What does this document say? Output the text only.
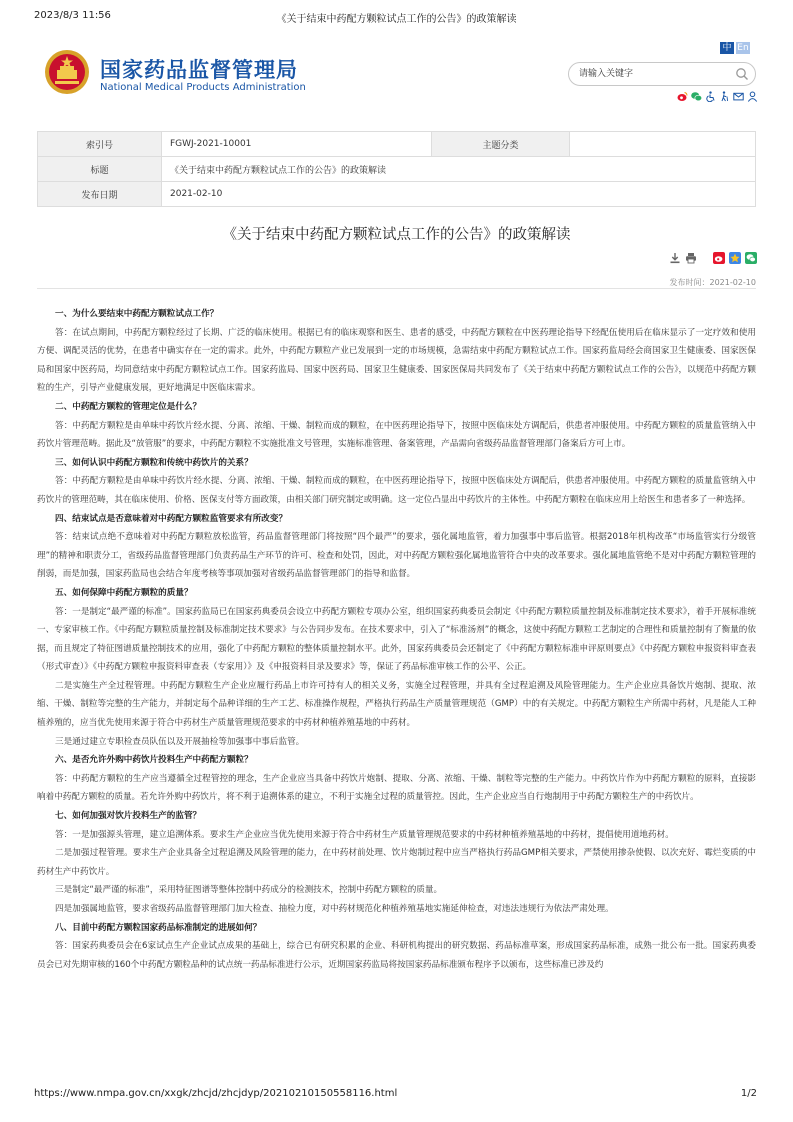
2023/8/3 11:56	《关于结束中药配方颗粒试点工作的公告》的政策解读
国家药品监督管理局
National Medical Products Administration
中 En
请输入关键字
索引号	FGWJ-2021-10001	主题分类	
标题	《关于结束中药配方颗粒试点工作的公告》的政策解读		
发布日期	2021-02-10		
《关于结束中药配方颗粒试点工作的公告》的政策解读
发布时间：2021-02-10

一、为什么要结束中药配方颗粒试点工作？

答：在试点期间，中药配方颗粒经过了长期、广泛的临床使用。根据已有的临床观察和医生、患者的感受，中药配方颗粒在中医药理论指导下经配伍使用后在临床显示了一定疗效和使用方便、调配灵活的优势，在患者中确实存在一定的需求。此外，中药配方颗粒产业已发展到一定的市场规模，急需结束中药配方颗粒试点工作。国家药监局经会商国家卫生健康委、国家医保局和国家中医药局，均同意结束中药配方颗粒试点工作。国家药监局、国家中医药局、国家卫生健康委、国家医保局共同发布了《关于结束中药配方颗粒试点工作的公告》，以规范中药配方颗粒的生产，引导产业健康发展，更好地满足中医临床需求。

二、中药配方颗粒的管理定位是什么？

答：中药配方颗粒是由单味中药饮片经水提、分离、浓缩、干燥、制粒而成的颗粒，在中医药理论指导下，按照中医临床处方调配后，供患者冲服使用。中药配方颗粒的质量监管纳入中药饮片管理范畴。据此及“放管服”的要求，中药配方颗粒不实施批准文号管理，实施标准管理、备案管理，产品需向省级药品监督管理部门备案后方可上市。

三、如何认识中药配方颗粒和传统中药饮片的关系？

答：中药配方颗粒是由单味中药饮片经水提、分离、浓缩、干燥、制粒而成的颗粒，在中医药理论指导下，按照中医临床处方调配后，供患者冲服使用。中药配方颗粒的质量监管纳入中药饮片的管理范畴，其在临床使用、价格、医保支付等方面政策，由相关部门研究制定或明确。这一定位凸显出中药饮片的主体性。中药配方颗粒在临床应用上给医生和患者多了一种选择。

四、结束试点是否意味着对中药配方颗粒监管要求有所改变？

答：结束试点绝不意味着对中药配方颗粒放松监管，药品监督管理部门将按照“四个最严”的要求，强化属地监管，着力加强事中事后监管。根据2018年机构改革“市场监管实行分级管理”的精神和职责分工，省级药品监督管理部门负责药品生产环节的许可、检查和处罚，因此，对中药配方颗粒强化属地监管符合中央的改革要求。强化属地监管绝不是对中药配方颗粒管理的削弱，而是加强，国家药监局也会结合年度考核等事项加强对省级药品监督管理部门的指导和监督。

五、如何保障中药配方颗粒的质量？

答：一是制定“最严谨的标准”。国家药监局已在国家药典委员会设立中药配方颗粒专项办公室，组织国家药典委员会制定《中药配方颗粒质量控制及标准制定技术要求》，着手开展标准统一、专家审核工作。《中药配方颗粒质量控制及标准制定技术要求》与公告同步发布。在技术要求中，引入了“标准汤剂”的概念，这使中药配方颗粒工艺制定的合理性和质量控制有了衡量的依据，而且规定了特征图谱质量控制技术的应用，强化了中药配方颗粒的整体质量控制水平。此外，国家药典委员会还制定了《中药配方颗粒标准申评原则要点》《中药配方颗粒申报资料审查表（形式审查）》《中药配方颗粒申报资料审查表（专家用）》及《申报资料目录及要求》等，保证了药品标准审核工作的公平、公正。

二是实施生产全过程管理。中药配方颗粒生产企业应履行药品上市许可持有人的相关义务，实施全过程管理，并具有全过程追溯及风险管理能力。生产企业应具备饮片炮制、提取、浓缩、干燥、制粒等完整的生产能力，并制定每个品种详细的生产工艺、标准操作规程，严格执行药品生产质量管理规范（GMP）中的有关规定。中药配方颗粒生产所需中药材，凡是能人工种植养殖的，应当优先使用来源于符合中药材生产质量管理规范要求的中药材种植养殖基地的中药材。

三是通过建立专职检查员队伍以及开展抽检等加强事中事后监管。

六、是否允许外购中药饮片投料生产中药配方颗粒？

答：中药配方颗粒的生产应当遵循全过程管控的理念，生产企业应当具备中药饮片炮制、提取、分离、浓缩、干燥、制粒等完整的生产能力。中药饮片作为中药配方颗粒的原料，直接影响着中药配方颗粒的质量。若允许外购中药饮片，将不利于追溯体系的建立，不利于实施全过程的质量管控。因此，生产企业应当自行炮制用于中药配方颗粒生产的中药饮片。

七、如何加强对饮片投料生产的监管？

答：一是加强源头管理，建立追溯体系。要求生产企业应当优先使用来源于符合中药材生产质量管理规范要求的中药材种植养殖基地的中药材，提倡使用道地药材。

二是加强过程管理。要求生产企业具备全过程追溯及风险管理的能力，在中药材前处理、饮片炮制过程中应当严格执行药品GMP相关要求，严禁使用掺杂使假、以次充好、霉烂变质的中药材生产中药饮片。

三是制定“最严谨的标准”，采用特征图谱等整体控制中药成分的检测技术，控制中药配方颗粒的质量。

四是加强属地监管，要求省级药品监督管理部门加大检查、抽检力度，对中药材规范化种植养殖基地实施延伸检查，对违法违规行为依法严肃处理。

八、目前中药配方颗粒国家药品标准制定的进展如何？

答：国家药典委员会在6家试点生产企业试点成果的基础上，综合已有研究积累的企业、科研机构提出的研究数据、药品标准草案，形成国家药品标准，成熟一批公布一批。国家药典委员会已对先期审核的160个中药配方颗粒品种的试点统一药品标准进行公示，近期国家药监局将按国家药品标准颁布程序予以颁布，这些标准已涉及约

https://www.nmpa.gov.cn/xxgk/zhcjd/zhcjdyp/20210210150558116.html	1/2
